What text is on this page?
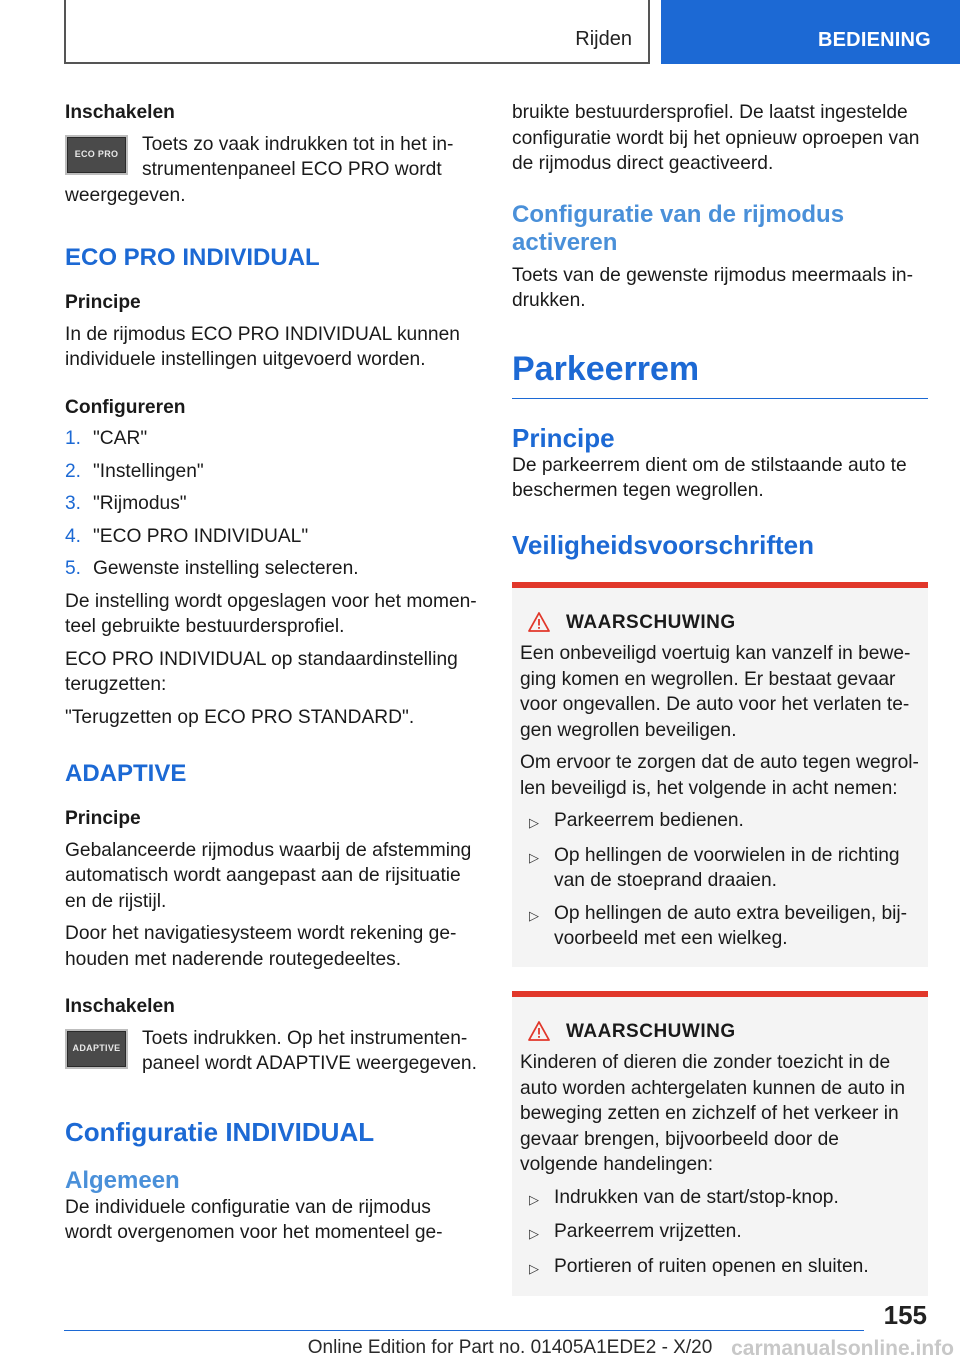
Rijden	BEDIENING
Inschakelen
ECO PRO	Toets zo vaak indrukken tot in het in-
strumentenpaneel ECO PRO wordt

weergegeven.

ECO PRO INDIVIDUAL
Principe

In de rijmodus ECO PRO INDIVIDUAL kunnen individuele instellingen uitgevoerd worden.

Configureren
1. "CAR"
2. "Instellingen"
3. "Rijmodus"
4. "ECO PRO INDIVIDUAL"
5. Gewenste instelling selecteren.

De instelling wordt opgeslagen voor het momen-teel gebruikte bestuurdersprofiel.

ECO PRO INDIVIDUAL op standaardinstelling terugzetten:

"Terugzetten op ECO PRO STANDARD".

ADAPTIVE
Principe

Gebalanceerde rijmodus waarbij de afstemming automatisch wordt aangepast aan de rijsituatie en de rijstijl.

Door het navigatiesysteem wordt rekening ge-houden met naderende routegedeeltes.

Inschakelen
ADAPTIVE	Toets indrukken. Op het instrumenten-paneel wordt ADAPTIVE weergegeven.
Configuratie INDIVIDUAL
Algemeen

De individuele configuratie van de rijmodus wordt overgenomen voor het momenteel ge-

bruikte bestuurdersprofiel. De laatst ingestelde configuratie wordt bij het opnieuw oproepen van de rijmodus direct geactiveerd.

Configuratie van de rijmodus activeren

Toets van de gewenste rijmodus meermaals in-drukken.

Parkeerrem
Principe

De parkeerrem dient om de stilstaande auto te beschermen tegen wegrollen.

Veiligheidsvoorschriften
WAARSCHUWING

Een onbeveiligd voertuig kan vanzelf in bewe-ging komen en wegrollen. Er bestaat gevaar voor ongevallen. De auto voor het verlaten te-gen wegrollen beveiligen.

Om ervoor te zorgen dat de auto tegen wegrol-len beveiligd is, het volgende in acht nemen:

▷ Parkeerrem bedienen.
▷ Op hellingen de voorwielen in de richting van de stoeprand draaien.
▷ Op hellingen de auto extra beveiligen, bij-voorbeeld met een wielkeg.
WAARSCHUWING

Kinderen of dieren die zonder toezicht in de auto worden achtergelaten kunnen de auto in beweging zetten en zichzelf of het verkeer in gevaar brengen, bijvoorbeeld door de volgende handelingen:

▷ Indrukken van de start/stop-knop.
▷ Parkeerrem vrijzetten.
▷ Portieren of ruiten openen en sluiten.
155
Online Edition for Part no. 01405A1EDE2 - X/20 carmanualsonline.info
